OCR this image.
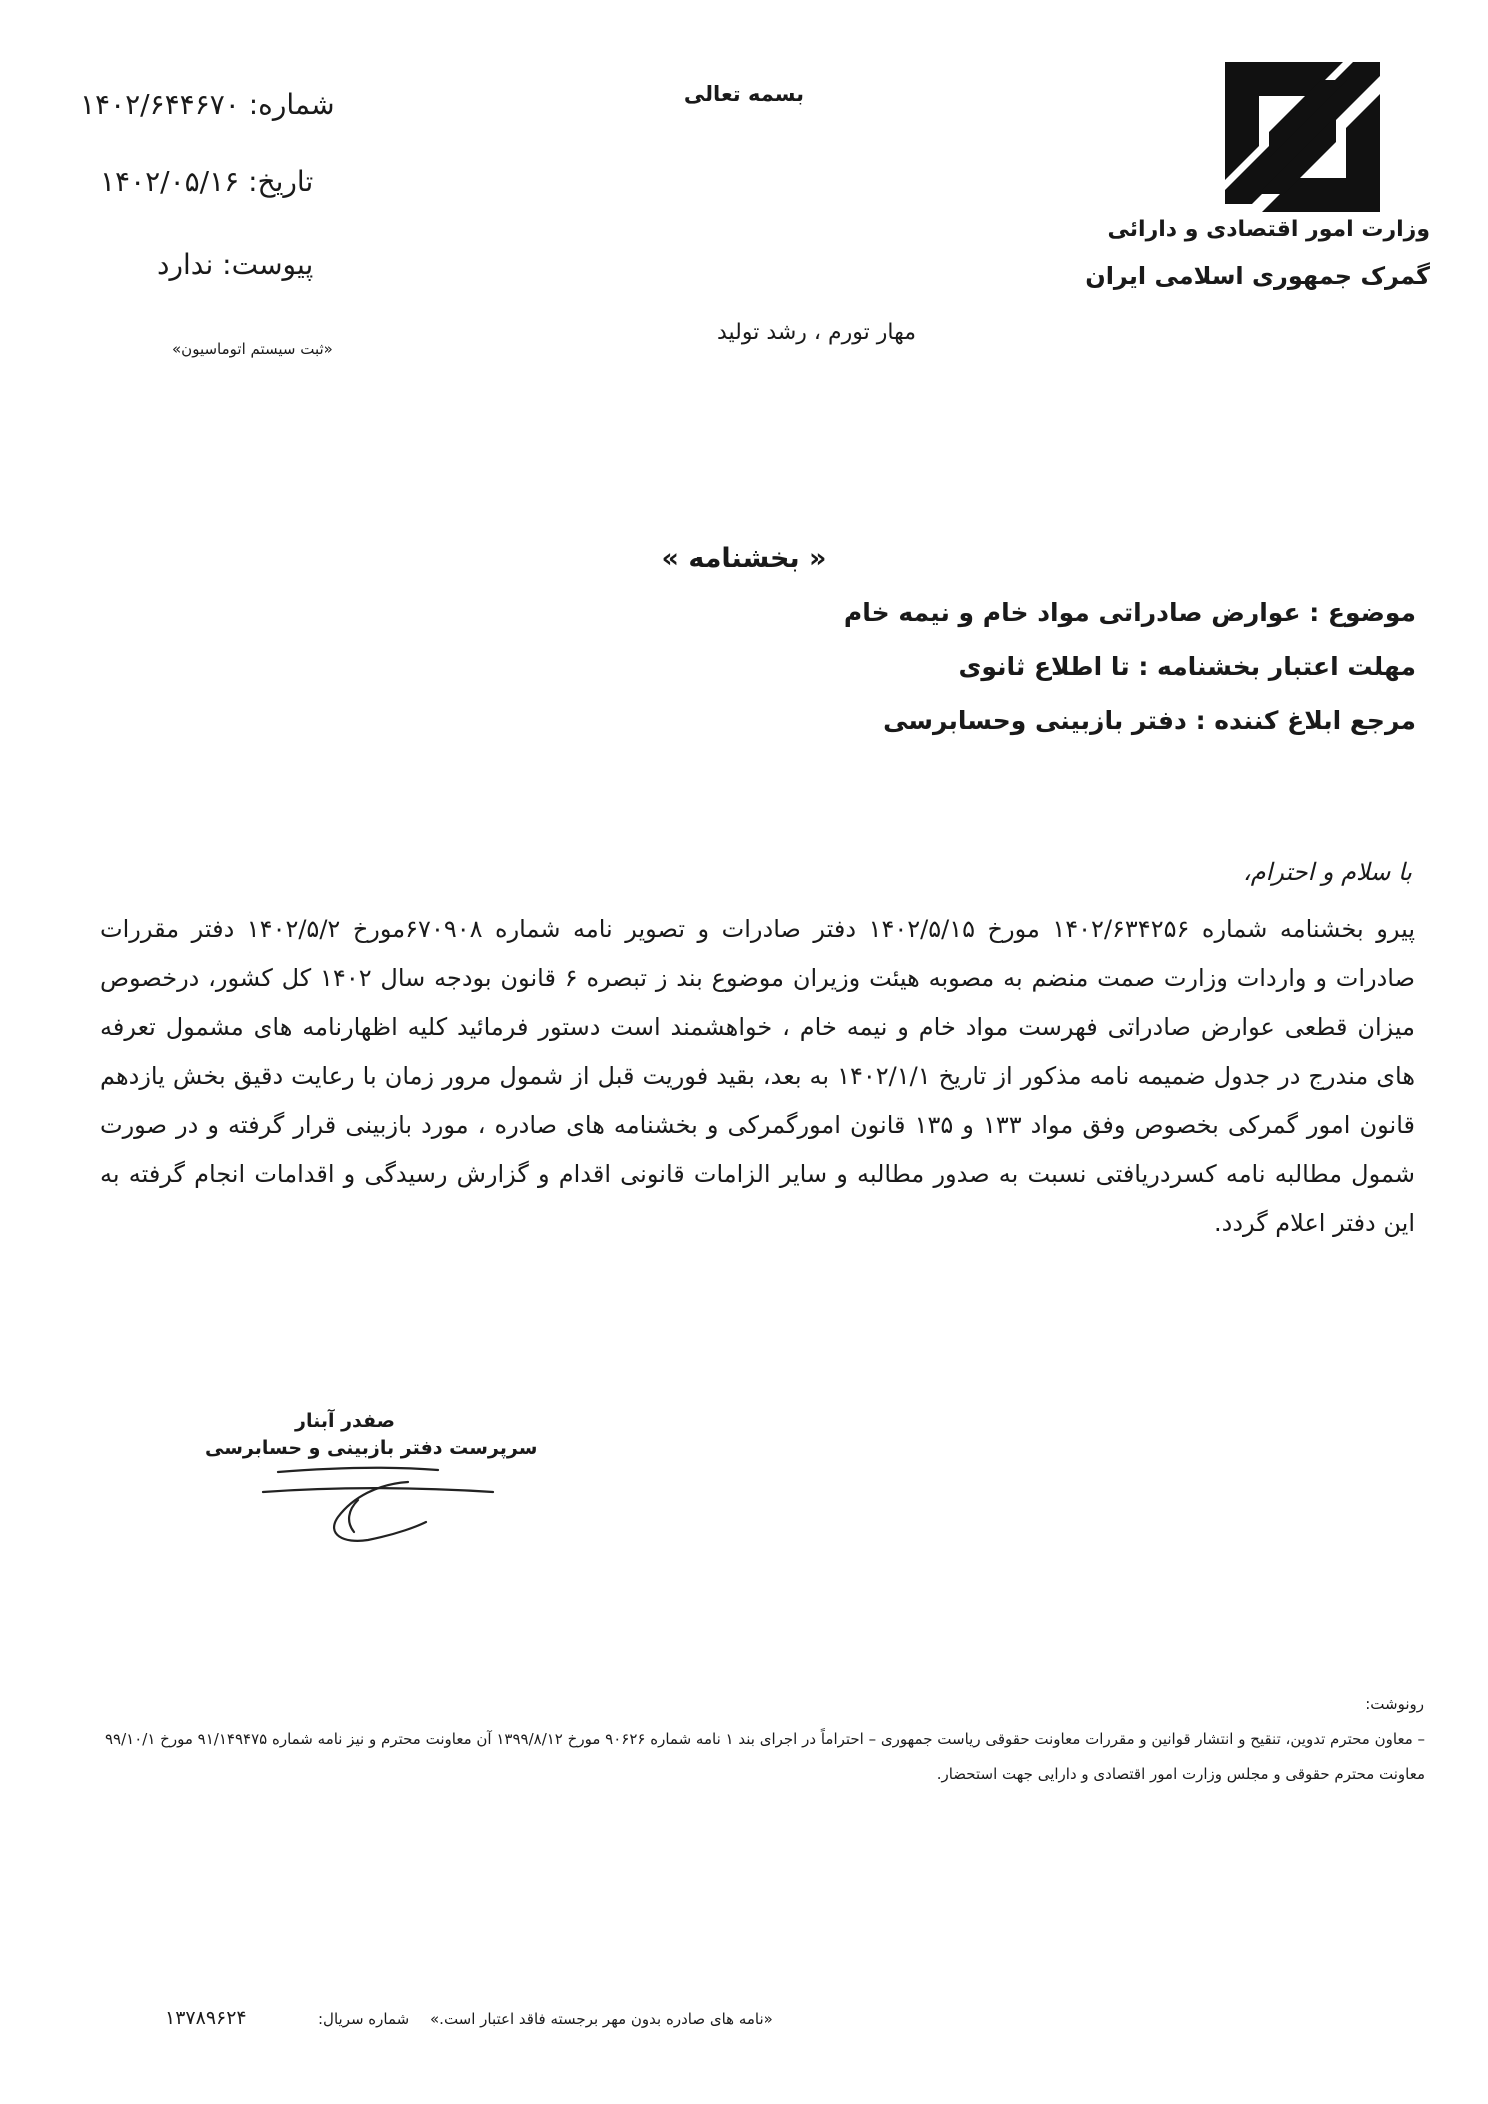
وزارت امور اقتصادی و دارائی
گمرک جمهوری اسلامی ایران
بسمه تعالی
مهار تورم ، رشد تولید
شماره: ۱۴۰۲/۶۴۴۶۷۰
تاریخ: ۱۴۰۲/۰۵/۱۶
پیوست: ندارد
«ثبت سیستم اتوماسیون»
« بخشنامه »
موضوع : عوارض صادراتی مواد خام و نیمه خام
مهلت اعتبار بخشنامه : تا اطلاع ثانوی
مرجع ابلاغ کننده : دفتر بازبینی وحسابرسی
با سلام و احترام،
پیرو بخشنامه شماره ۱۴۰۲/۶۳۴۲۵۶ مورخ ۱۴۰۲/۵/۱۵ دفتر صادرات و تصویر نامه شماره ۶۷۰۹۰۸مورخ ۱۴۰۲/۵/۲ دفتر مقررات صادرات و واردات وزارت صمت منضم به مصوبه هیئت وزیران موضوع بند ز تبصره ۶ قانون بودجه سال ۱۴۰۲ کل کشور، درخصوص میزان قطعی عوارض صادراتی فهرست مواد خام و نیمه خام ، خواهشمند است دستور فرمائید کلیه اظهارنامه های مشمول تعرفه های مندرج در جدول ضمیمه نامه مذکور از تاریخ ۱۴۰۲/۱/۱ به بعد، بقید فوریت قبل از شمول مرور زمان با رعایت دقیق بخش یازدهم قانون امور گمرکی بخصوص وفق مواد ۱۳۳ و ۱۳۵ قانون امورگمرکی و بخشنامه های صادره ، مورد بازبینی قرار گرفته و در صورت شمول مطالبه نامه کسردریافتی نسبت به صدور مطالبه و سایر الزامات قانونی اقدام و گزارش رسیدگی و اقدامات انجام گرفته به این دفتر اعلام گردد.
صفدر آبنار
سرپرست دفتر بازبینی و حسابرسی
رونوشت:
– معاون محترم تدوین، تنقیح و انتشار قوانین و مقررات معاونت حقوقی ریاست جمهوری – احتراماً در اجرای بند ۱ نامه شماره ۹۰۶۲۶ مورخ ۱۳۹۹/۸/۱۲ آن معاونت محترم و نیز نامه شماره ۹۱/۱۴۹۴۷۵ مورخ ۹۹/۱۰/۱ معاونت محترم حقوقی و مجلس وزارت امور اقتصادی و دارایی جهت استحضار.
«نامه های صادره بدون مهر برجسته فاقد اعتبار است.»
شماره سریال:
۱۳۷۸۹۶۲۴
